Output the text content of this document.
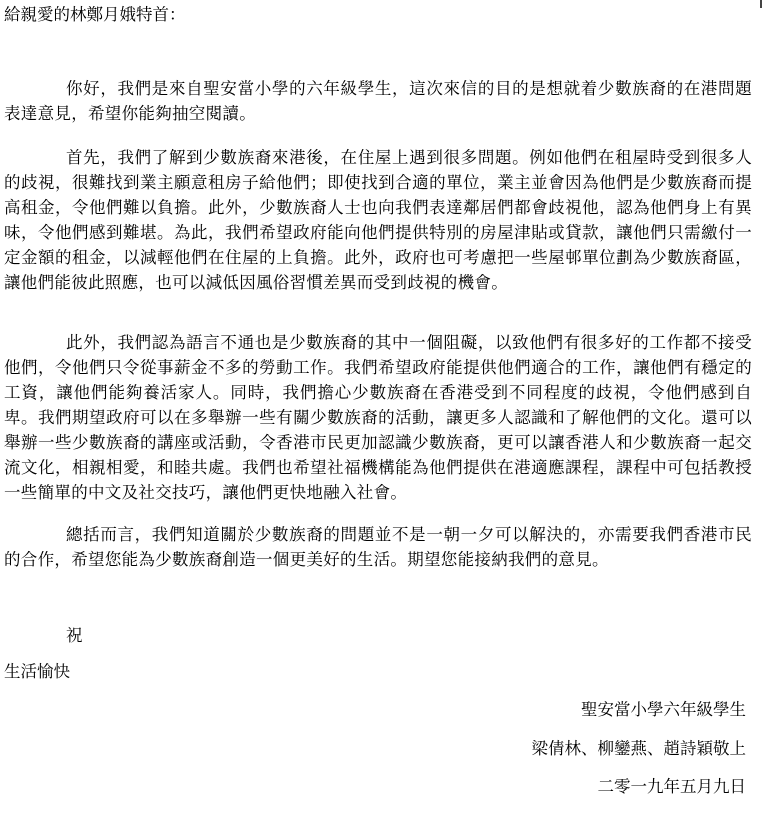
給親愛的林鄭月娥特首：

你好，我們是來自聖安當小學的六年級學生，這次來信的目的是想就着少數族裔的在港問題表達意見，希望你能夠抽空閱讀。

首先，我們了解到少數族裔來港後，在住屋上遇到很多問題。例如他們在租屋時受到很多人的歧視，很難找到業主願意租房子給他們；即使找到合適的單位，業主並會因為他們是少數族裔而提高租金，令他們難以負擔。此外，少數族裔人士也向我們表達鄰居們都會歧視他，認為他們身上有異味，令他們感到難堪。為此，我們希望政府能向他們提供特別的房屋津貼或貸款，讓他們只需繳付一定金額的租金，以減輕他們在住屋的上負擔。此外，政府也可考慮把一些屋邨單位劃為少數族裔區，讓他們能彼此照應，也可以減低因風俗習慣差異而受到歧視的機會。

此外，我們認為語言不通也是少數族裔的其中一個阻礙，以致他們有很多好的工作都不接受他們，令他們只令從事薪金不多的勞動工作。我們希望政府能提供他們適合的工作，讓他們有穩定的工資，讓他們能夠養活家人。同時，我們擔心少數族裔在香港受到不同程度的歧視，令他們感到自卑。我們期望政府可以在多舉辦一些有關少數族裔的活動，讓更多人認識和了解他們的文化。還可以舉辦一些少數族裔的講座或活動，令香港市民更加認識少數族裔，更可以讓香港人和少數族裔一起交流文化，相親相愛，和睦共處。我們也希望社福機構能為他們提供在港適應課程，課程中可包括教授一些簡單的中文及社交技巧，讓他們更快地融入社會。

總括而言，我們知道關於少數族裔的問題並不是一朝一夕可以解決的，亦需要我們香港市民的合作，希望您能為少數族裔創造一個更美好的生活。期望您能接納我們的意見。

祝
生活愉快
聖安當小學六年級學生
梁倩林、柳鑾燕、趙詩穎敬上
二零一九年五月九日
